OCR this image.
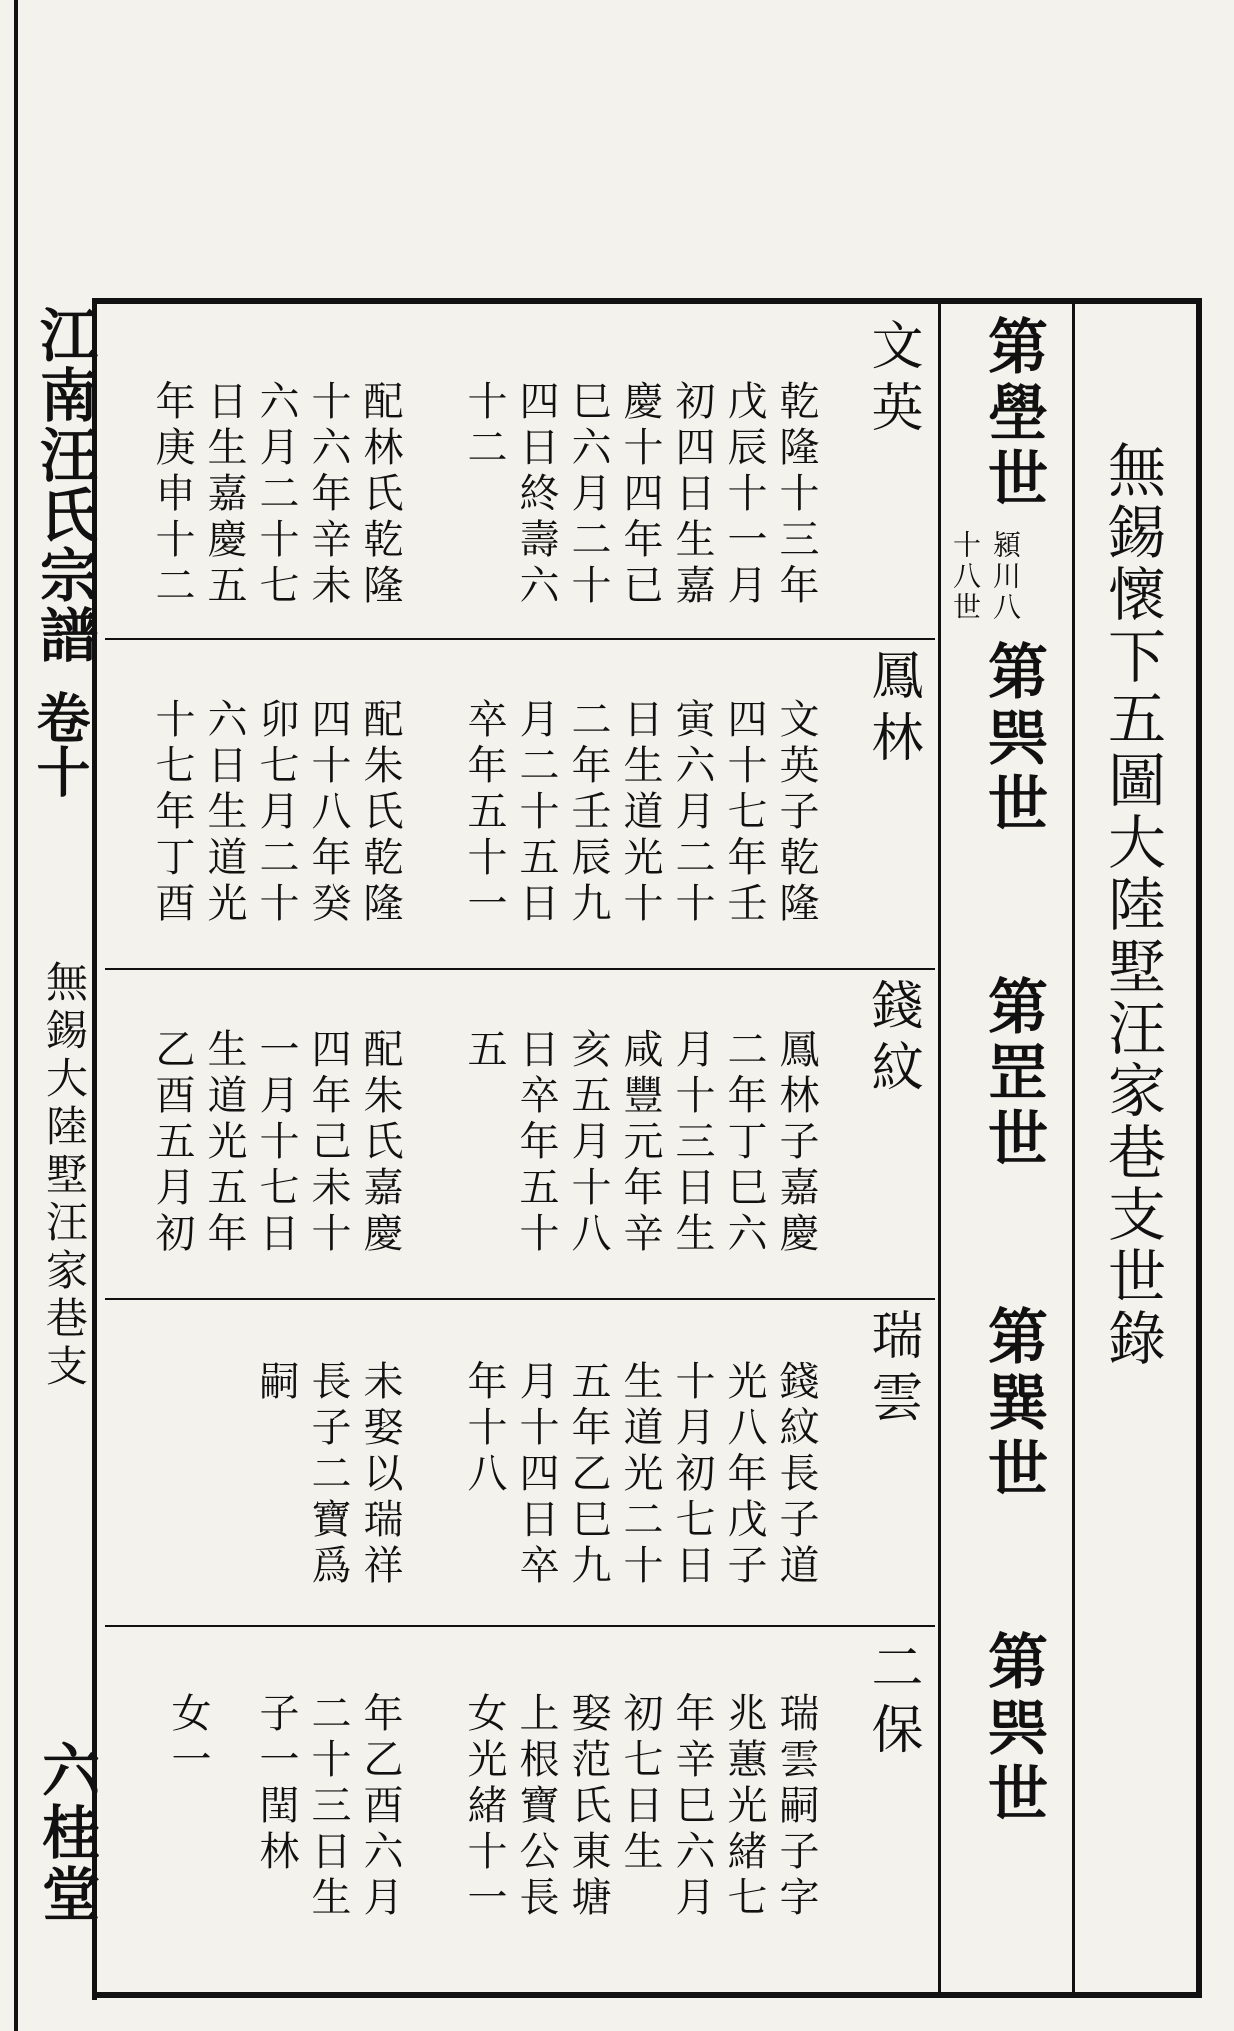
江南汪氏宗譜
卷十
無錫大陸墅汪家巷支
六桂堂
無錫懷下五圖大陸墅汪家巷支世錄
第壆世
潁川八十八世
第巺世
第罡世
第巽世
第巺世
文英
乾隆十三年
戊辰十一月
初四日生嘉
慶十四年已
巳六月二十
四日終壽六
十二
配林氏乾隆
十六年辛未
六月二十七
日生嘉慶五
年庚申十二
鳳林
文英子乾隆
四十七年壬
寅六月二十
日生道光十
二年壬辰九
月二十五日
卒年五十一
配朱氏乾隆
四十八年癸
卯七月二十
六日生道光
十七年丁酉
錢紋
鳳林子嘉慶
二年丁巳六
月十三日生
咸豐元年辛
亥五月十八
日卒年五十
五
配朱氏嘉慶
四年己未十
一月十七日
生道光五年
乙酉五月初
瑞雲
錢紋長子道
光八年戊子
十月初七日
生道光二十
五年乙巳九
月十四日卒
年十八
未娶以瑞祥
長子二寶爲
嗣
二保
瑞雲嗣子字
兆蕙光緒七
年辛巳六月
初七日生
娶范氏東塘
上根寶公長
女光緒十一
年乙酉六月
二十三日生
子一閏林
女一
